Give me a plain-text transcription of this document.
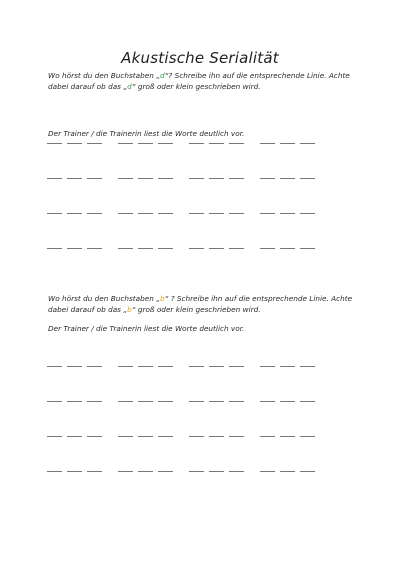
Akustische Serialität
Wo hörst du den Buchstaben „d“? Schreibe ihn auf die entsprechende Linie. Achte dabei darauf ob das „d“ groß oder klein geschrieben wird.
Der Trainer / die Trainerin liest die Worte deutlich vor.
Wo hörst du den Buchstaben „b“ ? Schreibe ihn auf die entsprechende Linie. Achte dabei darauf ob das „b“ groß oder klein geschrieben wird.
Der Trainer / die Trainerin liest die Worte deutlich vor.
